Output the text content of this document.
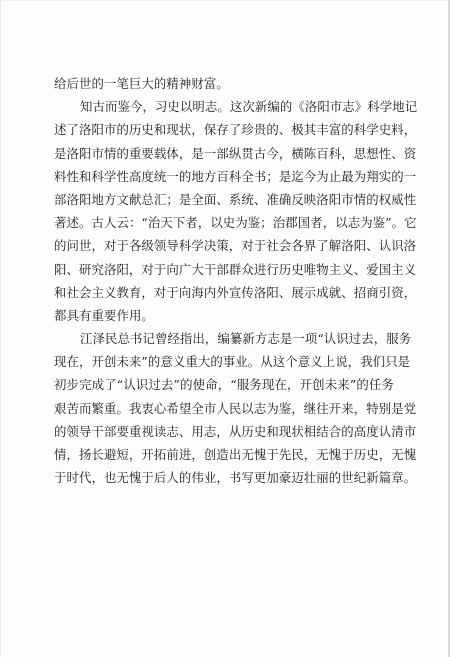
给后世的一笔巨大的精神财富。
知古而鉴今，习史以明志。这次新编的《洛阳市志》科学地记
述了洛阳市的历史和现状，保存了珍贵的、极其丰富的科学史料，
是洛阳市情的重要载体，是一部纵贯古今，横陈百科，思想性、资
料性和科学性高度统一的地方百科全书；是迄今为止最为翔实的一
部洛阳地方文献总汇；是全面、系统、准确反映洛阳市情的权威性
著述。古人云：“治天下者，以史为鉴；治郡国者，以志为鉴”。它
的问世，对于各级领导科学决策，对于社会各界了解洛阳、认识洛
阳、研究洛阳，对于向广大干部群众进行历史唯物主义、爱国主义
和社会主义教育，对于向海内外宣传洛阳、展示成就、招商引资，
都具有重要作用。
江泽民总书记曾经指出，编纂新方志是一项“认识过去，服务
现在，开创未来”的意义重大的事业。从这个意义上说，我们只是
初步完成了“认识过去”的使命，“服务现在，开创未来”的任务
艰苦而繁重。我衷心希望全市人民以志为鉴，继往开来，特别是党
的领导干部要重视读志、用志，从历史和现状相结合的高度认清市
情，扬长避短，开拓前进，创造出无愧于先民，无愧于历史，无愧
于时代，也无愧于后人的伟业，书写更加豪迈壮丽的世纪新篇章。
